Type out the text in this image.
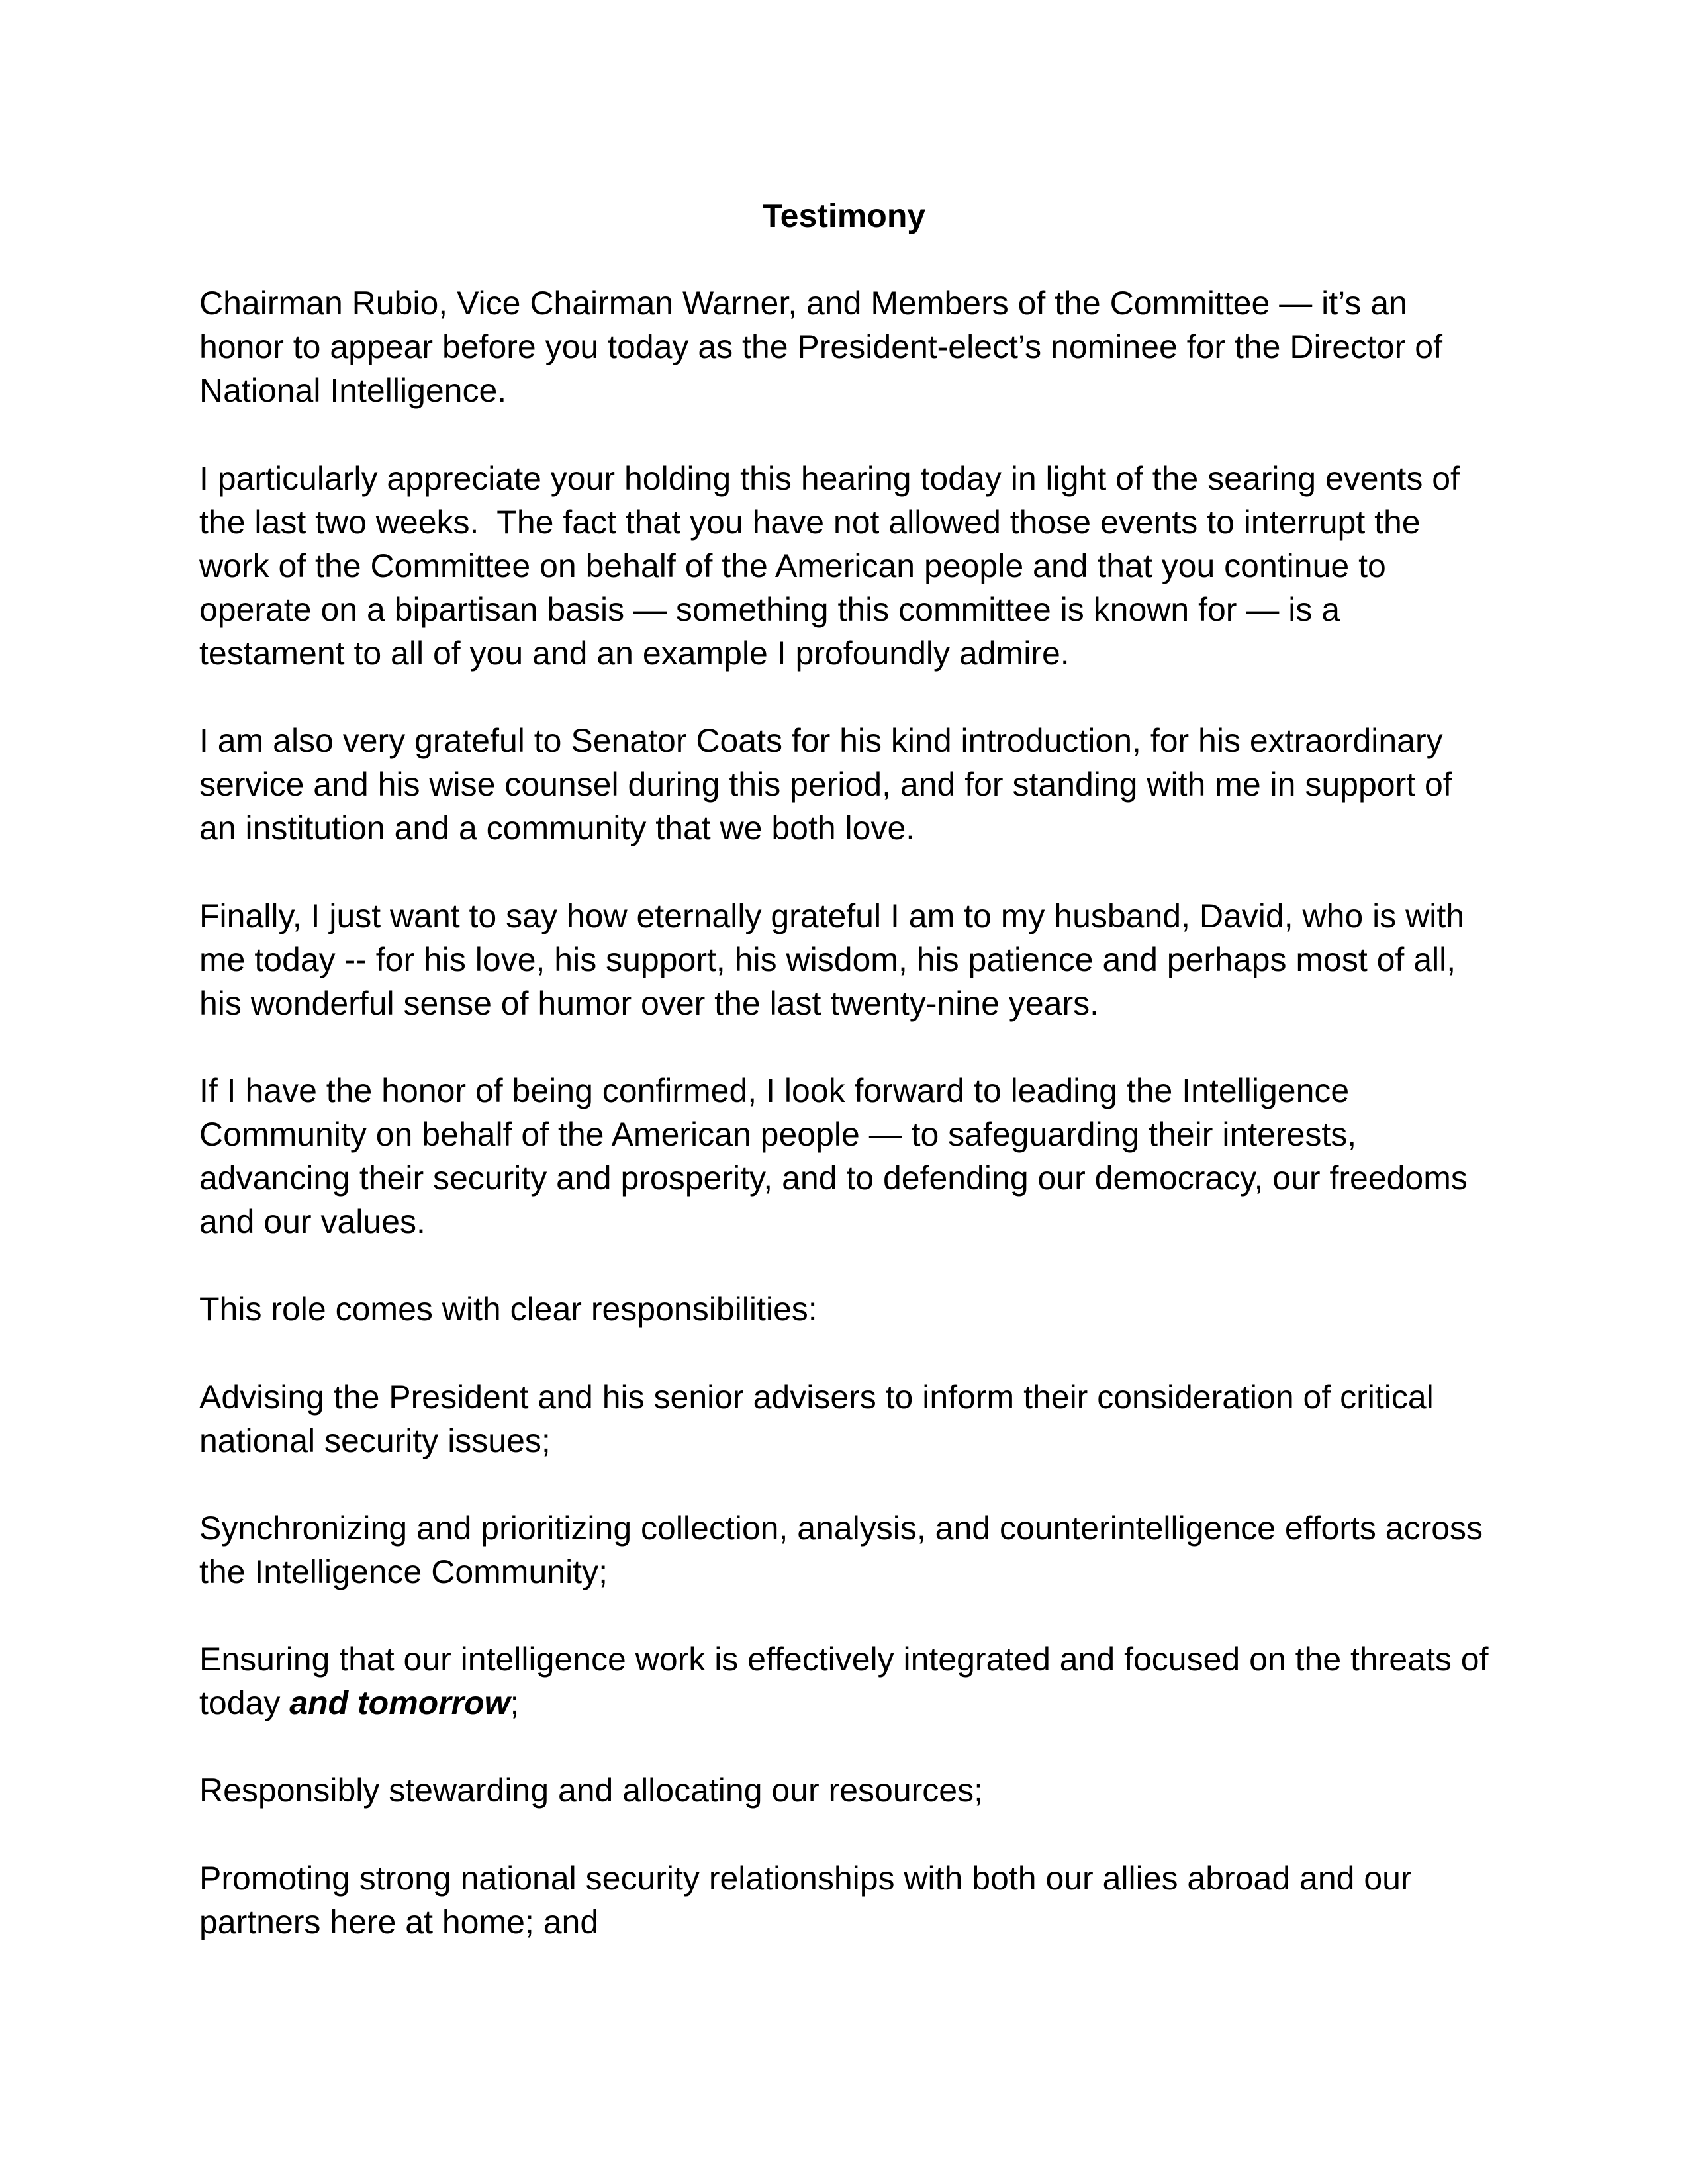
Testimony
Chairman Rubio, Vice Chairman Warner, and Members of the Committee — it’s an
honor to appear before you today as the President-elect’s nominee for the Director of
National Intelligence.
I particularly appreciate your holding this hearing today in light of the searing events of
the last two weeks.  The fact that you have not allowed those events to interrupt the
work of the Committee on behalf of the American people and that you continue to
operate on a bipartisan basis — something this committee is known for — is a
testament to all of you and an example I profoundly admire.
I am also very grateful to Senator Coats for his kind introduction, for his extraordinary
service and his wise counsel during this period, and for standing with me in support of
an institution and a community that we both love.
Finally, I just want to say how eternally grateful I am to my husband, David, who is with
me today -- for his love, his support, his wisdom, his patience and perhaps most of all,
his wonderful sense of humor over the last twenty-nine years.
If I have the honor of being confirmed, I look forward to leading the Intelligence
Community on behalf of the American people — to safeguarding their interests,
advancing their security and prosperity, and to defending our democracy, our freedoms
and our values.
This role comes with clear responsibilities:
Advising the President and his senior advisers to inform their consideration of critical
national security issues;
Synchronizing and prioritizing collection, analysis, and counterintelligence efforts across
the Intelligence Community;
Ensuring that our intelligence work is effectively integrated and focused on the threats of
today and tomorrow;
Responsibly stewarding and allocating our resources;
Promoting strong national security relationships with both our allies abroad and our
partners here at home; and
